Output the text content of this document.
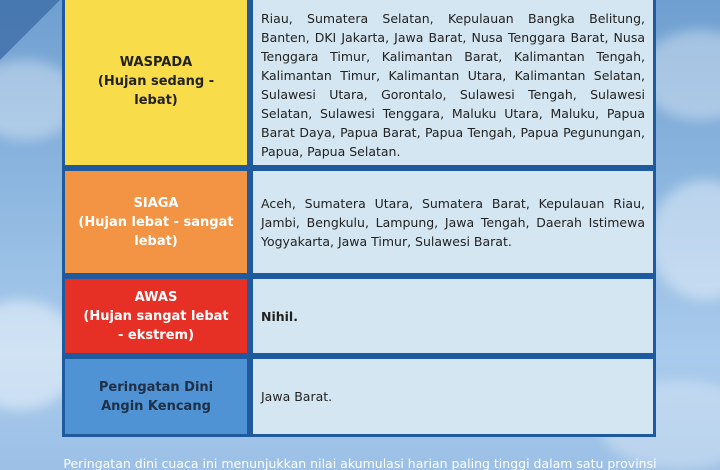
WASPADA
(Hujan sedang -
lebat)
Riau, Sumatera Selatan, Kepulauan Bangka Belitung, Banten, DKI Jakarta, Jawa Barat, Nusa Tenggara Barat, Nusa Tenggara Timur, Kalimantan Barat, Kalimantan Tengah, Kalimantan Timur, Kalimantan Utara, Kalimantan Selatan, Sulawesi Utara, Gorontalo, Sulawesi Tengah, Sulawesi Selatan, Sulawesi Tenggara, Maluku Utara, Maluku, Papua Barat Daya, Papua Barat, Papua Tengah, Papua Pegunungan, Papua, Papua Selatan.
SIAGA
(Hujan lebat - sangat
lebat)
Aceh, Sumatera Utara, Sumatera Barat, Kepulauan Riau, Jambi, Bengkulu, Lampung, Jawa Tengah, Daerah Istimewa Yogyakarta, Jawa Timur, Sulawesi Barat.
AWAS
(Hujan sangat lebat
- ekstrem)
Nihil.
Peringatan Dini
Angin Kencang
Jawa Barat.
Peringatan dini cuaca ini menunjukkan nilai akumulasi harian paling tinggi dalam satu provinsi
